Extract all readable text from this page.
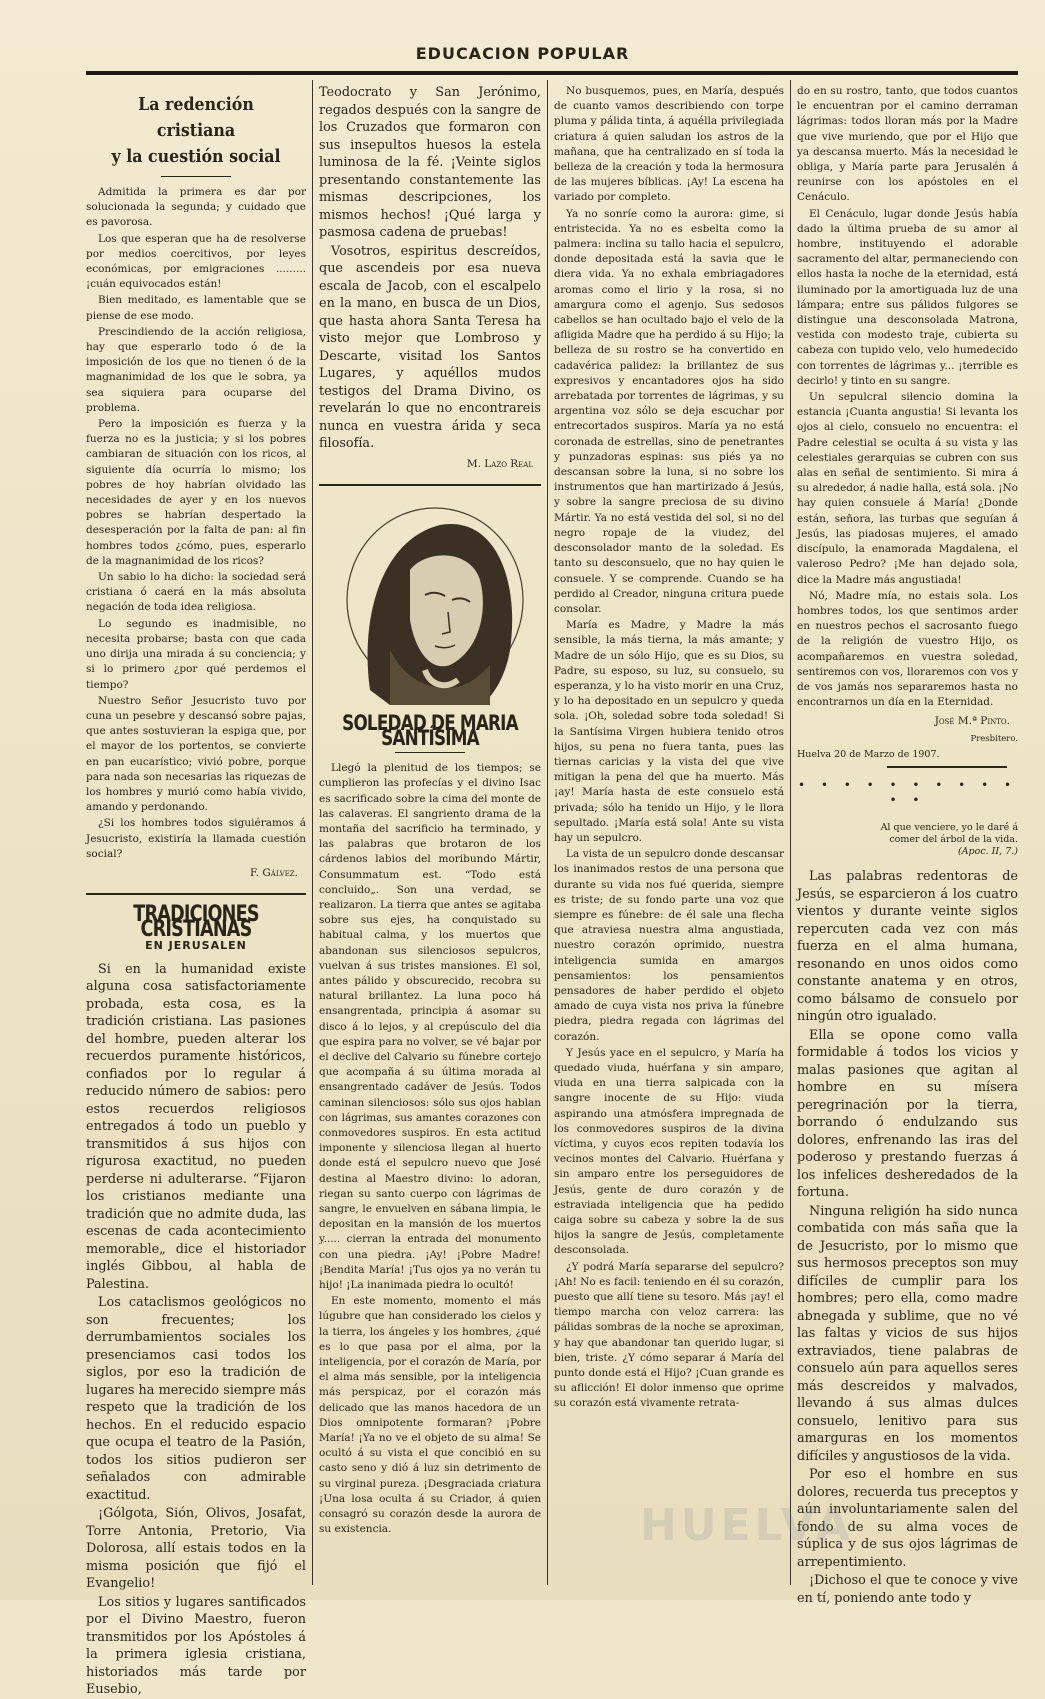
EDUCACION POPULAR
La redención cristiana
y la cuestión social

Admitida la primera es dar por solucionada la segunda; y cuidado que es pavorosa.

Los que esperan que ha de resolverse por medios coercitivos, por leyes económicas, por emigraciones ......... ¡cuán equivocados están!

Bien meditado, es lamentable que se piense de ese modo.

Prescindiendo de la acción religiosa, hay que esperarlo todo ó de la imposición de los que no tienen ó de la magnanimidad de los que le sobra, ya sea siquiera para ocuparse del problema.

Pero la imposición es fuerza y la fuerza no es la justicia; y si los pobres cambiaran de situación con los ricos, al siguiente día ocurría lo mismo; los pobres de hoy habrían olvidado las necesidades de ayer y en los nuevos pobres se habrían despertado la desesperación por la falta de pan: al fin hombres todos ¿cómo, pues, esperarlo de la magnanimidad de los ricos?

Un sabio lo ha dicho: la sociedad será cristiana ó caerá en la más absoluta negación de toda idea religiosa.

Lo segundo es inadmisible, no necesita probarse; basta con que cada uno dirija una mirada á su conciencia; y si lo primero ¿por qué perdemos el tiempo?

Nuestro Señor Jesucristo tuvo por cuna un pesebre y descansó sobre pajas, que antes sostuvieran la espiga que, por el mayor de los portentos, se convierte en pan eucarístico; vivió pobre, porque para nada son necesarias las riquezas de los hombres y murió como había vivido, amando y perdonando.

¿Si los hombres todos siguiéramos á Jesucristo, existiría la llamada cuestión social?

F. Gálvez.
TRADICIONES CRISTIANAS
EN JERUSALEN

Si en la humanidad existe alguna cosa satisfactoriamente probada, esta cosa, es la tradición cristiana. Las pasiones del hombre, pueden alterar los recuerdos puramente históricos, confiados por lo regular á reducido número de sabios: pero estos recuerdos religiosos entregados á todo un pueblo y transmitidos á sus hijos con rigurosa exactitud, no pueden perderse ni adulterarse. “Fijaron los cristianos mediante una tradición que no admite duda, las escenas de cada acontecimiento memorable„ dice el historiador inglés Gibbou, al habla de Palestina.

Los cataclismos geológicos no son frecuentes; los derrumbamientos sociales los presenciamos casi todos los siglos, por eso la tradición de lugares ha merecido siempre más respeto que la tradición de los hechos. En el reducido espacio que ocupa el teatro de la Pasión, todos los sitios pudieron ser señalados con admirable exactitud.

¡Gólgota, Sión, Olivos, Josafat, Torre Antonia, Pretorio, Via Dolorosa, allí estais todos en la misma posición que fijó el Evangelio!

Los sitios y lugares santificados por el Divino Maestro, fueron transmitidos por los Apóstoles á la primera iglesia cristiana, historiados más tarde por Eusebio,

Teodocrato y San Jerónimo, regados después con la sangre de los Cruzados que formaron con sus insepultos huesos la estela luminosa de la fé. ¡Veinte siglos presentando constantemente las mismas descripciones, los mismos hechos! ¡Qué larga y pasmosa cadena de pruebas!

Vosotros, espiritus descreídos, que ascendeis por esa nueva escala de Jacob, con el escalpelo en la mano, en busca de un Dios, que hasta ahora Santa Teresa ha visto mejor que Lombroso y Descarte, visitad los Santos Lugares, y aquéllos mudos testigos del Drama Divino, os revelarán lo que no encontrareis nunca en vuestra árida y seca filosofía.

M. Lazo Real
SOLEDAD DE MARIA SANTÍSIMA

Llegó la plenitud de los tiempos; se cumplieron las profecías y el divino Isac es sacrificado sobre la cima del monte de las calaveras. El sangriento drama de la montaña del sacrificio ha terminado, y las palabras que brotaron de los cárdenos labios del moribundo Mártir, Consummatum est. “Todo está concluido„. Son una verdad, se realizaron. La tierra que antes se agitaba sobre sus ejes, ha conquistado su habitual calma, y los muertos que abandonan sus silenciosos sepulcros, vuelvan á sus tristes mansiones. El sol, antes pálido y obscurecido, recobra su natural brillantez. La luna poco há ensangrentada, principia á asomar su disco á lo lejos, y al crepúsculo del dia que espira para no volver, se vé bajar por el declive del Calvario su fúnebre cortejo que acompaña á su última morada al ensangrentado cadáver de Jesús. Todos caminan silenciosos: sólo sus ojos hablan con lágrimas, sus amantes corazones con conmovedores suspiros. En esta actitud imponente y silenciosa llegan al huerto donde está el sepulcro nuevo que José destina al Maestro divino: lo adoran, riegan su santo cuerpo con lágrimas de sangre, le envuelven en sábana limpia, le depositan en la mansión de los muertos y..... cierran la entrada del monumento con una piedra. ¡Ay! ¡Pobre Madre! ¡Bendita María! ¡Tus ojos ya no verán tu hijo! ¡La inanimada piedra lo ocultó!

En este momento, momento el más lúgubre que han considerado los cielos y la tierra, los ángeles y los hombres, ¿qué es lo que pasa por el alma, por la inteligencia, por el corazón de María, por el alma más sensible, por la inteligencia más perspicaz, por el corazón más delicado que las manos hacedora de un Dios omnipotente formaran? ¡Pobre María! ¡Ya no ve el objeto de su alma! Se ocultó á su vista el que concibió en su casto seno y dió á luz sin detrimento de su virginal pureza. ¡Desgraciada criatura ¡Una losa oculta á su Criador, á quien consagró su corazón desde la aurora de su existencia.

No busquemos, pues, en María, después de cuanto vamos describiendo con torpe pluma y pálida tinta, á aquélla privilegiada criatura á quien saludan los astros de la mañana, que ha centralizado en sí toda la belleza de la creación y toda la hermosura de las mujeres bíblicas. ¡Ay! La escena ha variado por completo.

Ya no sonríe como la aurora: gime, si entristecida. Ya no es esbelta como la palmera: inclina su tallo hacia el sepulcro, donde depositada está la savia que le diera vida. Ya no exhala embriagadores aromas como el lirio y la rosa, si no amargura como el agenjo. Sus sedosos cabellos se han ocultado bajo el velo de la afligida Madre que ha perdido á su Hijo; la belleza de su rostro se ha convertido en cadavérica palidez: la brillantez de sus expresivos y encantadores ojos ha sido arrebatada por torrentes de lágrimas, y su argentina voz sólo se deja escuchar por entrecortados suspiros. María ya no está coronada de estrellas, sino de penetrantes y punzadoras espinas: sus piés ya no descansan sobre la luna, si no sobre los instrumentos que han martirizado á Jesús, y sobre la sangre preciosa de su divino Mártir. Ya no está vestida del sol, si no del negro ropaje de la viudez, del desconsolador manto de la soledad. Es tanto su desconsuelo, que no hay quien le consuele. Y se comprende. Cuando se ha perdido al Creador, ninguna critura puede consolar.

María es Madre, y Madre la más sensible, la más tierna, la más amante; y Madre de un sólo Hijo, que es su Dios, su Padre, su esposo, su luz, su consuelo, su esperanza, y lo ha visto morir en una Cruz, y lo ha depositado en un sepulcro y queda sola. ¡Oh, soledad sobre toda soledad! Si la Santísima Virgen hubiera tenido otros hijos, su pena no fuera tanta, pues las tiernas caricias y la vista del que vive mitigan la pena del que ha muerto. Más ¡ay! María hasta de este consuelo está privada; sólo ha tenido un Hijo, y le llora sepultado. ¡María está sola! Ante su vista hay un sepulcro.

La vista de un sepulcro donde descansar los inanimados restos de una persona que durante su vida nos fué querida, siempre es triste; de su fondo parte una voz que siempre es fúnebre: de él sale una flecha que atraviesa nuestra alma angustiada, nuestro corazón oprimido, nuestra inteligencia sumida en amargos pensamientos: los pensamientos pensadores de haber perdido el objeto amado de cuya vista nos priva la fúnebre piedra, piedra regada con lágrimas del corazón.

Y Jesús yace en el sepulcro, y María ha quedado viuda, huérfana y sin amparo, viuda en una tierra salpicada con la sangre inocente de su Hijo: viuda aspirando una atmósfera impregnada de los conmovedores suspiros de la divina víctima, y cuyos ecos repiten todavía los vecinos montes del Calvario. Huérfana y sin amparo entre los perseguidores de Jesús, gente de duro corazón y de estraviada inteligencia que ha pedido caiga sobre su cabeza y sobre la de sus hijos la sangre de Jesús, completamente desconsolada.

¿Y podrá María separarse del sepulcro? ¡Ah! No es facil: teniendo en él su corazón, puesto que allí tiene su tesoro. Más ¡ay! el tiempo marcha con veloz carrera: las pálidas sombras de la noche se aproximan, y hay que abandonar tan querido lugar, si bien, triste. ¿Y cómo separar á María del punto donde está el Hijo? ¡Cuan grande es su aflicción! El dolor inmenso que oprime su corazón está vivamente retrata-

do en su rostro, tanto, que todos cuantos le encuentran por el camino derraman lágrimas: todos lloran más por la Madre que vive muriendo, que por el Hijo que ya descansa muerto. Más la necesidad le obliga, y María parte para Jerusalén á reunirse con los apóstoles en el Cenáculo.

El Cenáculo, lugar donde Jesús había dado la última prueba de su amor al hombre, instituyendo el adorable sacramento del altar, permaneciendo con ellos hasta la noche de la eternidad, está iluminado por la amortiguada luz de una lámpara; entre sus pálidos fulgores se distingue una desconsolada Matrona, vestida con modesto traje, cubierta su cabeza con tupido velo, velo humedecido con torrentes de lágrimas y... ¡terrible es decirlo! y tinto en su sangre.

Un sepulcral silencio domina la estancia ¡Cuanta angustia! Si levanta los ojos al cielo, consuelo no encuentra: el Padre celestial se oculta á su vista y las celestiales gerarquias se cubren con sus alas en señal de sentimiento. Si mira á su alrededor, á nadie halla, está sola. ¡No hay quien consuele á María! ¿Donde están, señora, las turbas que seguían á Jesús, las piadosas mujeres, el amado discípulo, la enamorada Magdalena, el valeroso Pedro? ¡Me han dejado sola, dice la Madre más angustiada!

Nó, Madre mía, no estais sola. Los hombres todos, los que sentimos arder en nuestros pechos el sacrosanto fuego de la religión de vuestro Hijo, os acompañaremos en vuestra soledad, sentiremos con vos, lloraremos con vos y de vos jamás nos separaremos hasta no encontrarnos un día en la Eternidad.

José M.ª Pinto.
Presbitero.
Huelva 20 de Marzo de 1907.
• • • • • • • • • • • •
Al que venciere, yo le daré á comer del árbol de la vida.
(Apoc. II, 7.)

Las palabras redentoras de Jesús, se esparcieron á los cuatro vientos y durante veinte siglos repercuten cada vez con más fuerza en el alma humana, resonando en unos oidos como constante anatema y en otros, como bálsamo de consuelo por ningún otro igualado.

Ella se opone como valla formidable á todos los vicios y malas pasiones que agitan al hombre en su mísera peregrinación por la tierra, borrando ó endulzando sus dolores, enfrenando las iras del poderoso y prestando fuerzas á los infelices desheredados de la fortuna.

Ninguna religión ha sido nunca combatida con más saña que la de Jesucristo, por lo mismo que sus hermosos preceptos son muy difíciles de cumplir para los hombres; pero ella, como madre abnegada y sublime, que no vé las faltas y vicios de sus hijos extraviados, tiene palabras de consuelo aún para aquellos seres más descreidos y malvados, llevando á sus almas dulces consuelo, lenitivo para sus amarguras en los momentos difíciles y angustiosos de la vida.

Por eso el hombre en sus dolores, recuerda tus preceptos y aún involuntariamente salen del fondo de su alma voces de súplica y de sus ojos lágrimas de arrepentimiento.

¡Dichoso el que te conoce y vive en tí, poniendo ante todo y

HUELVA
